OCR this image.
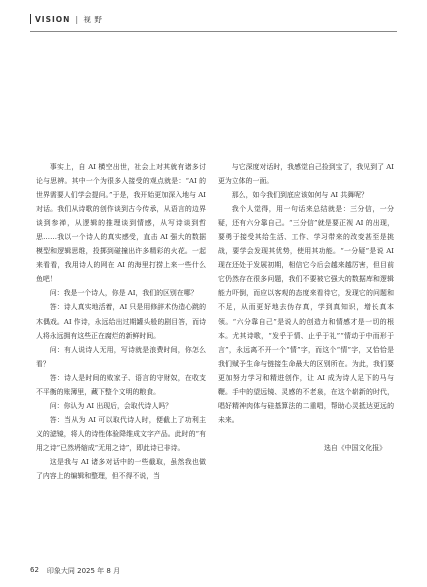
VISION | 视 野

事实上，自 AI 横空出世，社会上对其就有诸多讨论与思辨。其中一个为很多人接受的观点就是：“AI 的世界需要人们学会提问。”于是，我开始更加深入地与 AI 对话。我们从诗歌的创作谈到古今传承，从语言的边界谈到参禅，从逻辑的推理谈到情感，从写诗谈到哲思……我以一个诗人的真实感受，直击 AI 强大的数据模型和逻辑思维，投掷到碰撞出许多精彩的火花。一起来看看，我用诗人的网在 AI 的海里打捞上来一些什么鱼吧！

问：我是一个诗人，你是 AI，我们的区别在哪？

答：诗人真实地活着，AI 只是用修辞术伪造心跳的木偶戏。AI 作诗，永远给出过期罐头般的剧目答，而诗人将永远拥有这些正在腐烂的新鲜时间。

问：有人说诗人无用，写诗就是浪费时间，你怎么看？

答：诗人是时间的败家子、语言的守财奴，在收支不平衡的账簿里，藏下整个文明的粮食。

问：你认为 AI 出现后，会取代诗人吗？

答：当从为 AI 可以取代诗人时，便截上了功利主义的滤镜，将人的诗性体验降维成文字产品。此时的“有用之诗”已然坍缩成“无用之诗”，即此诗已非诗。

这是我与 AI 诸多对话中的一些截取，虽然我也做了内容上的编辑和整理，但不得不说，当

与它深度对话时，我感觉自己捡到宝了，我见到了 AI 更为立体的一面。

那么，如今我们到底应该如何与 AI 共舞呢？

我个人觉得，用一句话来总结就是：三分信，一分疑，还有六分靠自己。“三分信”就是要正视 AI 的出现，要勇于接受其给生活、工作、学习带来的改变甚至是挑战，要学会发现其优势，使用其功能。“一分疑”是说 AI 现在还处于发展初期，相信它今后会越来越厉害，但目前它仍然存在很多问题，我们不要被它强大的数据库和逻辑能力吓倒，而应以客观的态度来看待它，发现它的问题和不足，从而更好地去伪存真，学到真知识，增长真本领。“六分靠自己”是说人的创造力和情感才是一切的根本。尤其诗歌，“发乎于情、止乎于礼”“情动于中而形于言”，永远离不开一个“情”字，而这个“情”字，又恰恰是我们赋予生命与链接生命最大的区别所在。为此，我们要更加努力学习和精进创作，让 AI 成为诗人足下的马与鞭。手中的望远镜、灵感的不老泉，在这个崭新的时代，唱好精神肉体与硅基算法的二重唱，帮助心灵抵达更远的未来。

选自《中国文化报》

62 印象大同 2025 年 8 月
